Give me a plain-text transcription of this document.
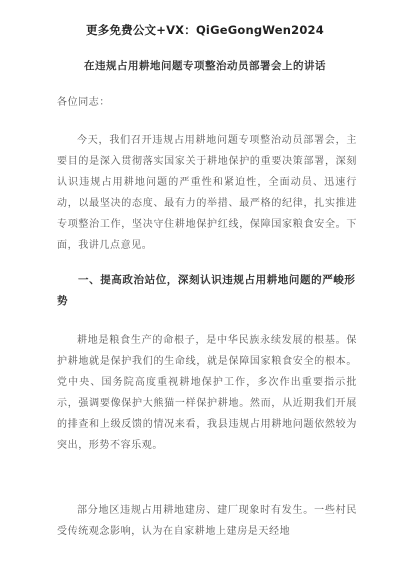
更多免费公文+VX：QiGeGongWen2024
在违规占用耕地问题专项整治动员部署会上的讲话
各位同志：
今天，我们召开违规占用耕地问题专项整治动员部署会，主要目的是深入贯彻落实国家关于耕地保护的重要决策部署，深刻认识违规占用耕地问题的严重性和紧迫性，全面动员、迅速行动，以最坚决的态度、最有力的举措、最严格的纪律，扎实推进专项整治工作，坚决守住耕地保护红线，保障国家粮食安全。下面，我讲几点意见。
一、提高政治站位，深刻认识违规占用耕地问题的严峻形势
耕地是粮食生产的命根子，是中华民族永续发展的根基。保护耕地就是保护我们的生命线，就是保障国家粮食安全的根本。党中央、国务院高度重视耕地保护工作，多次作出重要指示批示，强调要像保护大熊猫一样保护耕地。然而，从近期我们开展的排查和上级反馈的情况来看，我县违规占用耕地问题依然较为突出，形势不容乐观。
部分地区违规占用耕地建房、建厂现象时有发生。一些村民受传统观念影响，认为在自家耕地上建房是天经地
